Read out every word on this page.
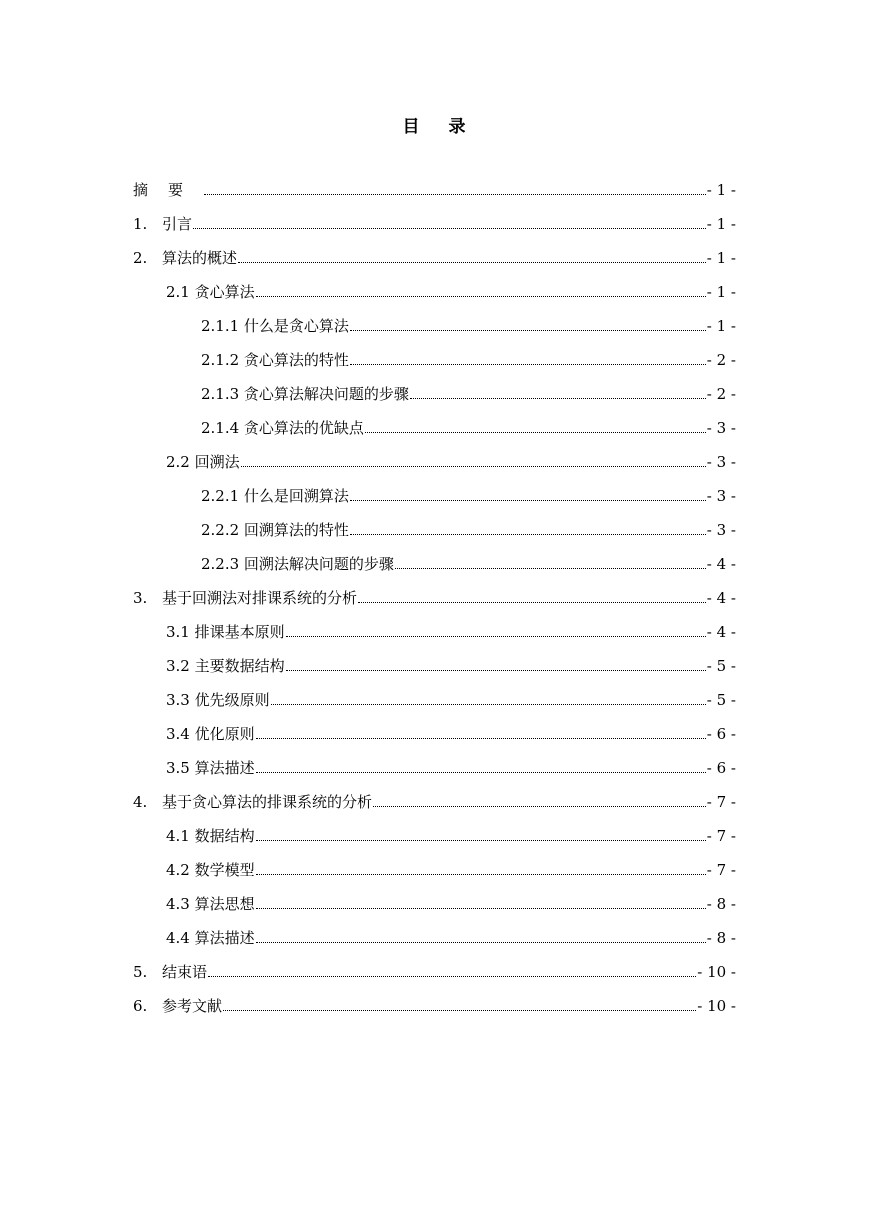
目 录
摘要	- 1 -
1. 引言	- 1 -
2. 算法的概述	- 1 -
2.1 贪心算法	- 1 -
2.1.1 什么是贪心算法	- 1 -
2.1.2 贪心算法的特性	- 2 -
2.1.3 贪心算法解决问题的步骤	- 2 -
2.1.4 贪心算法的优缺点	- 3 -
2.2 回溯法	- 3 -
2.2.1 什么是回溯算法	- 3 -
2.2.2 回溯算法的特性	- 3 -
2.2.3 回溯法解决问题的步骤	- 4 -
3. 基于回溯法对排课系统的分析	- 4 -
3.1 排课基本原则	- 4 -
3.2 主要数据结构	- 5 -
3.3 优先级原则	- 5 -
3.4 优化原则	- 6 -
3.5 算法描述	- 6 -
4. 基于贪心算法的排课系统的分析	- 7 -
4.1 数据结构	- 7 -
4.2 数学模型	- 7 -
4.3 算法思想	- 8 -
4.4 算法描述	- 8 -
5. 结束语	- 10 -
6. 参考文献	- 10 -
